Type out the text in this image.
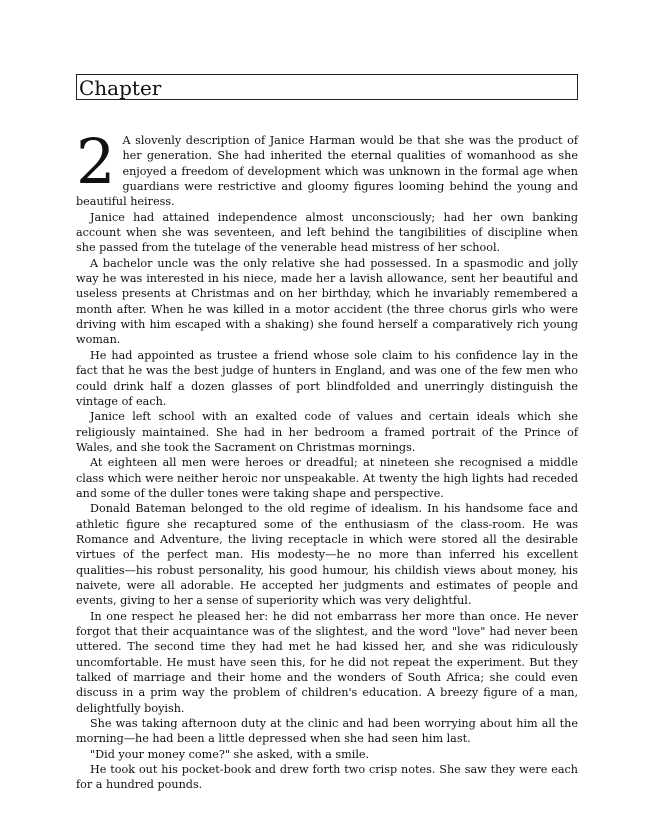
Chapter
2 A slovenly description of Janice Harman would be that she was the product of her generation. She had inherited the eternal qualities of womanhood as she enjoyed a freedom of development which was unknown in the formal age when guardians were restrictive and gloomy figures looming behind the young and beautiful heiress.

Janice had attained independence almost unconsciously; had her own banking account when she was seventeen, and left behind the tangibilities of discipline when she passed from the tutelage of the venerable head mistress of her school.

A bachelor uncle was the only relative she had possessed. In a spasmodic and jolly way he was interested in his niece, made her a lavish allowance, sent her beautiful and useless presents at Christmas and on her birthday, which he invariably remembered a month after. When he was killed in a motor accident (the three chorus girls who were driving with him escaped with a shaking) she found herself a comparatively rich young woman.

He had appointed as trustee a friend whose sole claim to his confidence lay in the fact that he was the best judge of hunters in England, and was one of the few men who could drink half a dozen glasses of port blindfolded and unerringly distinguish the vintage of each.

Janice left school with an exalted code of values and certain ideals which she religiously maintained. She had in her bedroom a framed portrait of the Prince of Wales, and she took the Sacrament on Christmas mornings.

At eighteen all men were heroes or dreadful; at nineteen she recognised a middle class which were neither heroic nor unspeakable. At twenty the high lights had receded and some of the duller tones were taking shape and perspective.

Donald Bateman belonged to the old regime of idealism. In his handsome face and athletic figure she recaptured some of the enthusiasm of the class-room. He was Romance and Adventure, the living receptacle in which were stored all the desirable virtues of the perfect man. His modesty—he no more than inferred his excellent qualities—his robust personality, his good humour, his childish views about money, his naivete, were all adorable. He accepted her judgments and estimates of people and events, giving to her a sense of superiority which was very delightful.

In one respect he pleased her: he did not embarrass her more than once. He never forgot that their acquaintance was of the slightest, and the word "love" had never been uttered. The second time they had met he had kissed her, and she was ridiculously uncomfortable. He must have seen this, for he did not repeat the experiment. But they talked of marriage and their home and the wonders of South Africa; she could even discuss in a prim way the problem of children's education. A breezy figure of a man, delightfully boyish.

She was taking afternoon duty at the clinic and had been worrying about him all the morning—he had been a little depressed when she had seen him last.

"Did your money come?" she asked, with a smile.

He took out his pocket-book and drew forth two crisp notes. She saw they were each for a hundred pounds.
